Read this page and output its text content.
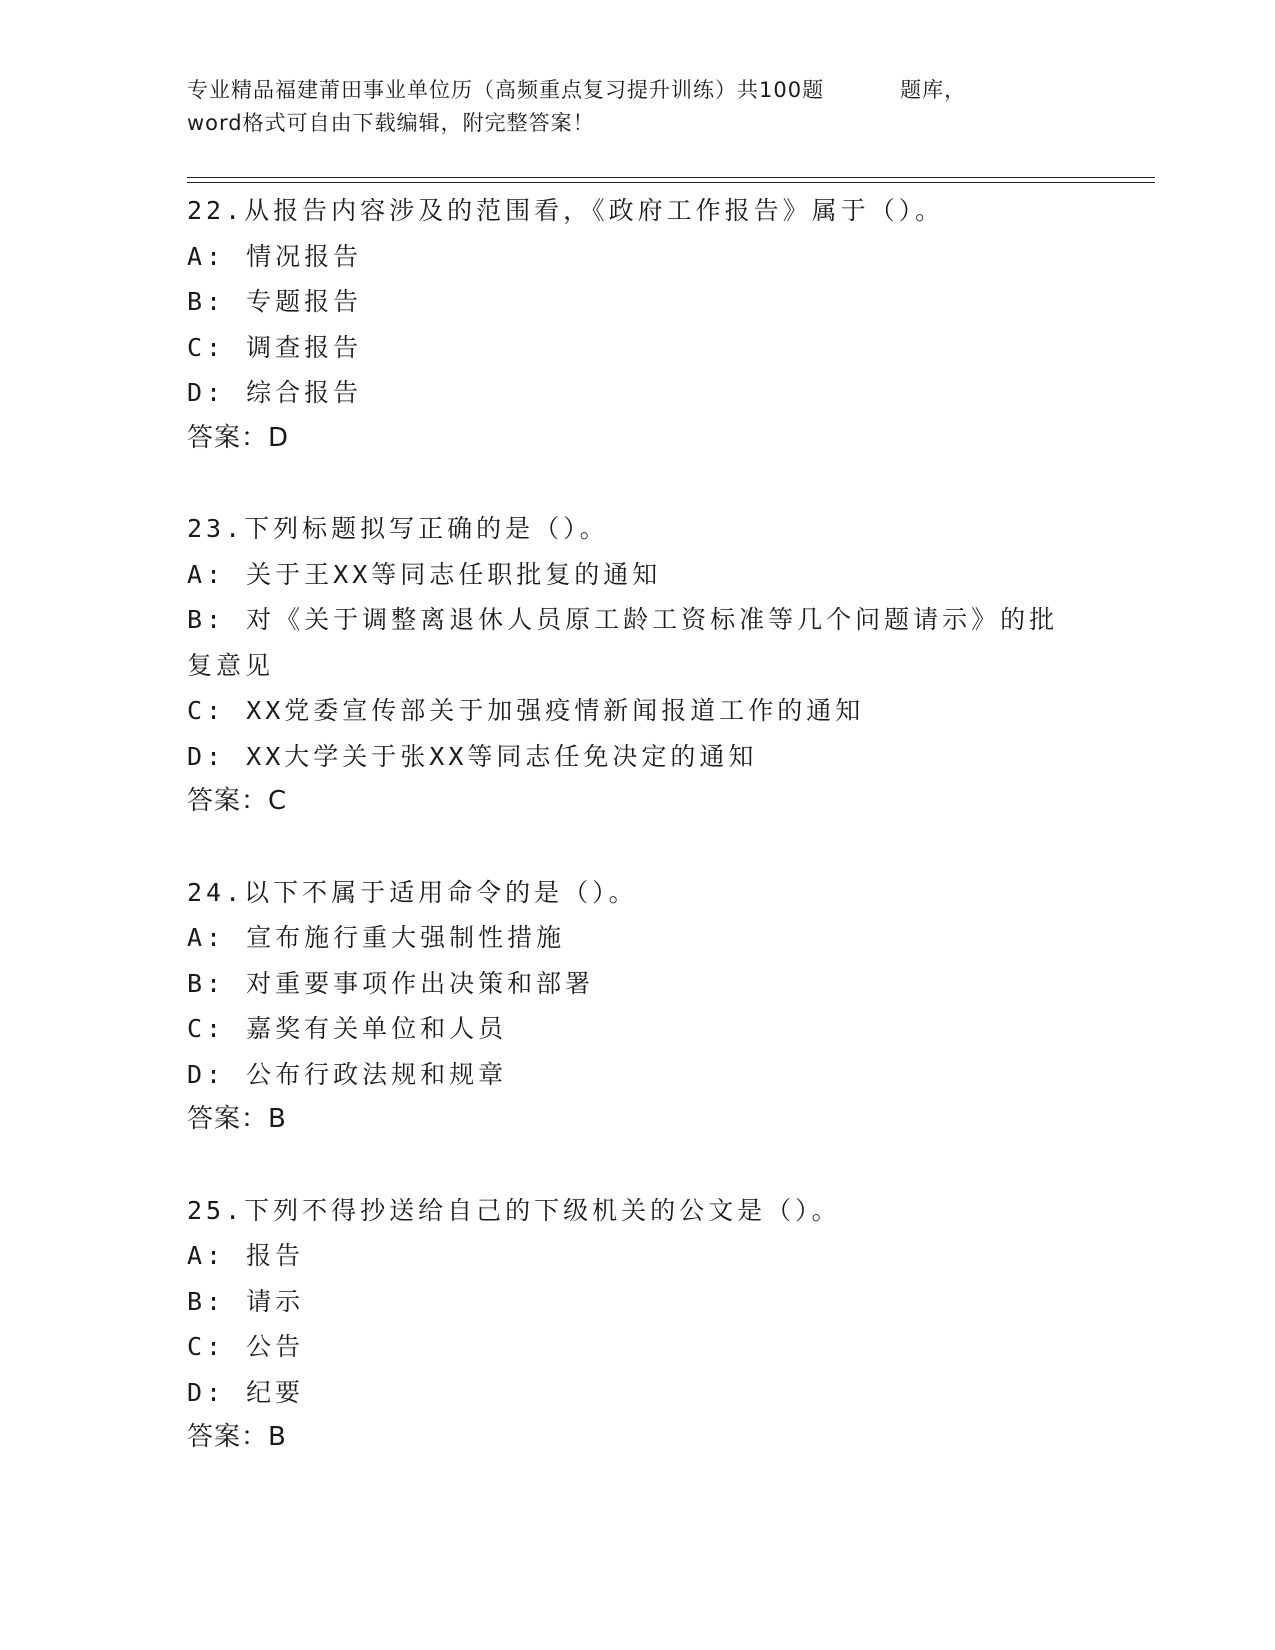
专业精品福建莆田事业单位历（高频重点复习提升训练）共100题	题库，
word格式可自由下载编辑，附完整答案！
22.从报告内容涉及的范围看，《政府工作报告》属于（）。
A: 情况报告
B: 专题报告
C: 调查报告
D: 综合报告
答案：D
23.下列标题拟写正确的是（）。
A: 关于王XX等同志任职批复的通知
B: 对《关于调整离退休人员原工龄工资标准等几个问题请示》的批复意见
C: XX党委宣传部关于加强疫情新闻报道工作的通知
D: XX大学关于张XX等同志任免决定的通知
答案：C
24.以下不属于适用命令的是（）。
A: 宣布施行重大强制性措施
B: 对重要事项作出决策和部署
C: 嘉奖有关单位和人员
D: 公布行政法规和规章
答案：B
25.下列不得抄送给自己的下级机关的公文是（）。
A: 报告
B: 请示
C: 公告
D: 纪要
答案：B
